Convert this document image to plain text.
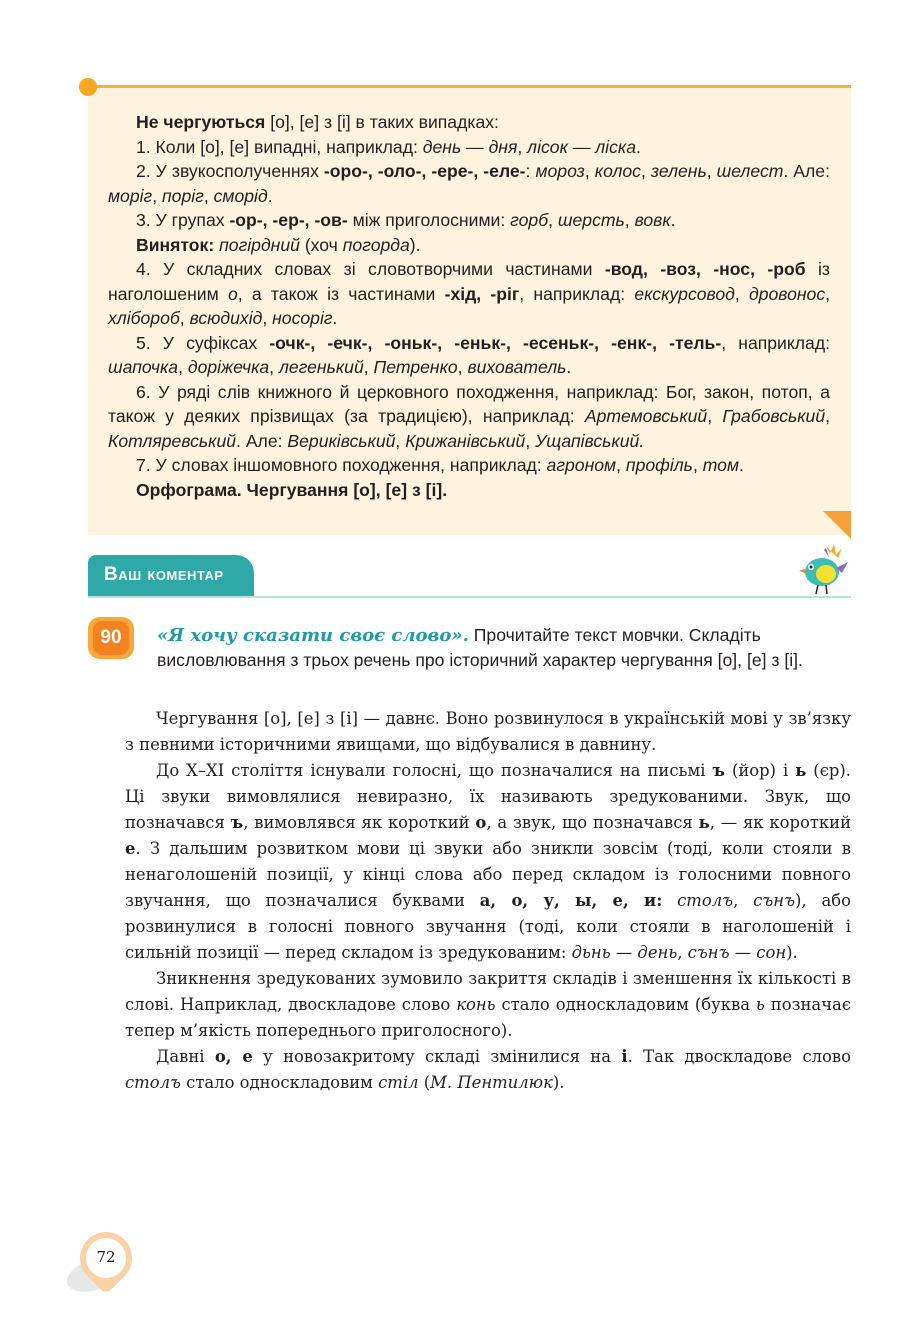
Не чергуються [о], [е] з [і] в таких випадках:

1. Коли [о], [е] випадні, наприклад: день — дня, лісок — ліска.

2. У звукосполученнях -оро-, -оло-, -ере-, -еле-: мороз, колос, зелень, шелест. Але: моріг, поріг, сморід.

3. У групах -ор-, -ер-, -ов- між приголосними: горб, шерсть, вовк.

Виняток: погірдний (хоч погорда).

4. У складних словах зі словотворчими частинами -вод, -воз, -нос, -роб із наголошеним о, а також із частинами -хід, -ріг, наприклад: екскурсовод, дровонос, хлібороб, всюдихід, носоріг.

5. У суфіксах -очк-, -ечк-, -оньк-, -еньк-, -есеньк-, -енк-, -тель-, наприклад: шапочка, доріжечка, легенький, Петренко, вихователь.

6. У ряді слів книжного й церковного походження, наприклад: Бог, закон, потоп, а також у деяких прізвищах (за традицією), наприклад: Артемовський, Грабовський, Котляревський. Але: Вериківський, Крижанівський, Ущапівський.

7. У словах іншомовного походження, наприклад: агроном, профіль, том.

Орфограма. Чергування [о], [е] з [і].

Ваш коментар
90	«Я хочу сказати своє слово». Прочитайте текст мовчки. Складіть висловлювання з трьох речень про історичний характер чергування [о], [е] з [і].

Чергування [о], [е] з [і] — давнє. Воно розвинулося в українській мові у зв’язку з певними історичними явищами, що відбувалися в давнину.

До X–XI століття існували голосні, що позначалися на письмі ъ (йор) і ь (єр). Ці звуки вимовлялися невиразно, їх називають зредукованими. Звук, що позначався ъ, вимовлявся як короткий о, а звук, що позначався ь, — як короткий е. З дальшим розвитком мови ці звуки або зникли зовсім (тоді, коли стояли в ненаголошеній позиції, у кінці слова або перед складом із голосними повного звучання, що позначалися буквами а, о, у, ы, е, и: столъ, сънъ), або розвинулися в голосні повного звучання (тоді, коли стояли в наголошеній і сильній позиції — перед складом із зредукованим: дьнь — день, сънъ — сон).

Зникнення зредукованих зумовило закриття складів і зменшення їх кількості в слові. Наприклад, двоскладове слово конь стало односкладовим (буква ь позначає тепер м’якість попереднього приголосного).

Давні о, е у новозакритому складі змінилися на і. Так двоскладове слово столъ стало односкладовим стіл (М. Пентилюк).

72
